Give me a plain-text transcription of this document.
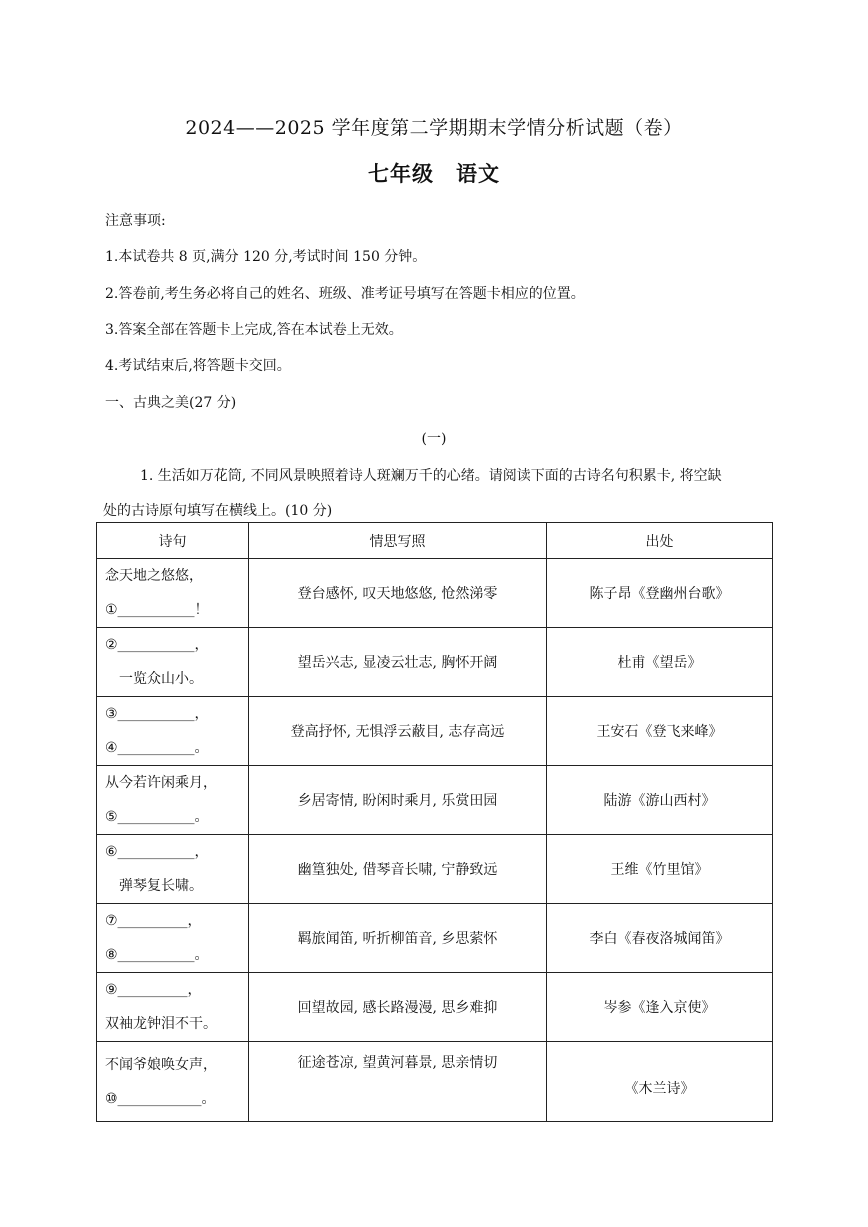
2024——2025 学年度第二学期期末学情分析试题（卷）
七年级 语文
注意事项:
1.本试卷共 8 页,满分 120 分,考试时间 150 分钟。
2.答卷前,考生务必将自己的姓名、班级、准考证号填写在答题卡相应的位置。
3.答案全部在答题卡上完成,答在本试卷上无效。
4.考试结束后,将答题卡交回。
一、古典之美(27 分)
(一)
1. 生活如万花筒, 不同风景映照着诗人斑斓万千的心绪。请阅读下面的古诗名句积累卡, 将空缺
处的古诗原句填写在横线上。(10 分)
诗句	情思写照	出处

念天地之悠悠，
①___________！	登台感怀, 叹天地悠悠, 怆然涕零	陈子昂《登幽州台歌》

②___________，
一览众山小。	望岳兴志, 显凌云壮志, 胸怀开阔	杜甫《望岳》

③___________，
④___________。	登高抒怀, 无惧浮云蔽目, 志存高远	王安石《登飞来峰》

从今若许闲乘月，
⑤___________。	乡居寄情, 盼闲时乘月, 乐赏田园	陆游《游山西村》

⑥___________，
弹琴复长啸。	幽篁独处, 借琴音长啸, 宁静致远	王维《竹里馆》

⑦__________，
⑧___________。	羁旅闻笛, 听折柳笛音, 乡思萦怀	李白《春夜洛城闻笛》

⑨__________，
双袖龙钟泪不干。	回望故园, 感长路漫漫, 思乡难抑	岑参《逢入京使》

不闻爷娘唤女声，
⑩____________。	征途苍凉, 望黄河暮景, 思亲情切	《木兰诗》
